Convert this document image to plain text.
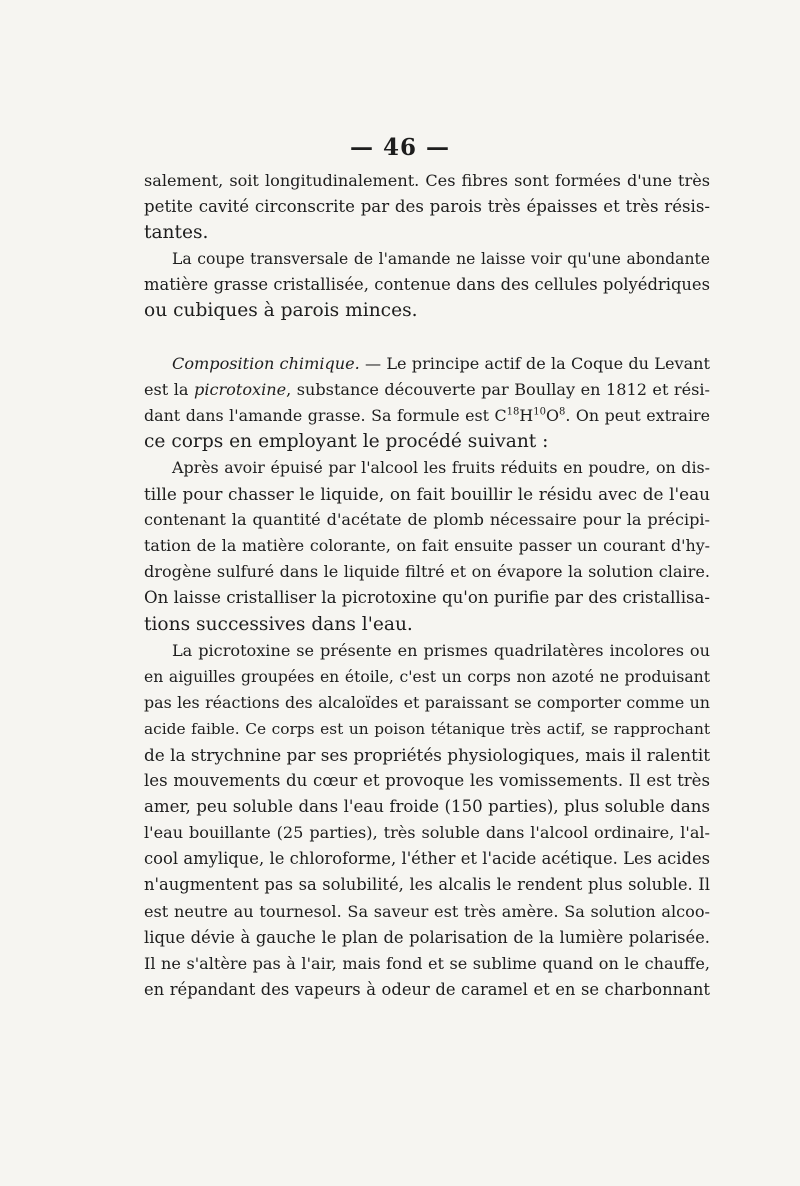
— 46 —
salement, soit longitudinalement. Ces fibres sont formées d'une très
petite cavité circonscrite par des parois très épaisses et très résis-
tantes.
La coupe transversale de l'amande ne laisse voir qu'une abondante
matière grasse cristallisée, contenue dans des cellules polyédriques
ou cubiques à parois minces.
Composition chimique. — Le principe actif de la Coque du Levant
est la picrotoxine, substance découverte par Boullay en 1812 et rési-
dant dans l'amande grasse. Sa formule est $C^{18}H^{10}O^8$. On peut extraire
ce corps en employant le procédé suivant :
Après avoir épuisé par l'alcool les fruits réduits en poudre, on dis-
tille pour chasser le liquide, on fait bouillir le résidu avec de l'eau
contenant la quantité d'acétate de plomb nécessaire pour la précipi-
tation de la matière colorante, on fait ensuite passer un courant d'hy-
drogène sulfuré dans le liquide filtré et on évapore la solution claire.
On laisse cristalliser la picrotoxine qu'on purifie par des cristallisa-
tions successives dans l'eau.
La picrotoxine se présente en prismes quadrilatères incolores ou
en aiguilles groupées en étoile, c'est un corps non azoté ne produisant
pas les réactions des alcaloïdes et paraissant se comporter comme un
acide faible. Ce corps est un poison tétanique très actif, se rapprochant
de la strychnine par ses propriétés physiologiques, mais il ralentit
les mouvements du cœur et provoque les vomissements. Il est très
amer, peu soluble dans l'eau froide (150 parties), plus soluble dans
l'eau bouillante (25 parties), très soluble dans l'alcool ordinaire, l'al-
cool amylique, le chloroforme, l'éther et l'acide acétique. Les acides
n'augmentent pas sa solubilité, les alcalis le rendent plus soluble. Il
est neutre au tournesol. Sa saveur est très amère. Sa solution alcoo-
lique dévie à gauche le plan de polarisation de la lumière polarisée.
Il ne s'altère pas à l'air, mais fond et se sublime quand on le chauffe,
en répandant des vapeurs à odeur de caramel et en se charbonnant
